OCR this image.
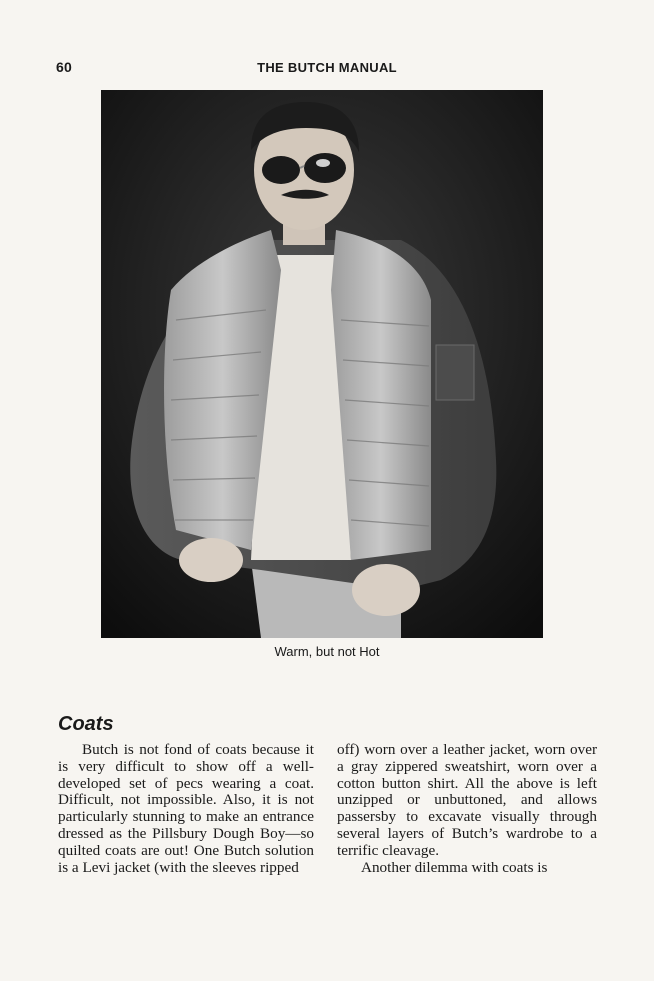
60	THE BUTCH MANUAL
Warm, but not Hot
Coats

Butch is not fond of coats because it is very difficult to show off a well-developed set of pecs wearing a coat. Difficult, not impossible. Also, it is not particularly stunning to make an entrance dressed as the Pillsbury Dough Boy—so quilted coats are out! One Butch solution is a Levi jacket (with the sleeves ripped

off) worn over a leather jacket, worn over a gray zippered sweatshirt, worn over a cotton button shirt. All the above is left unzipped or unbuttoned, and allows passersby to excavate visually through several layers of Butch’s wardrobe to a terrific cleavage.

Another dilemma with coats is
